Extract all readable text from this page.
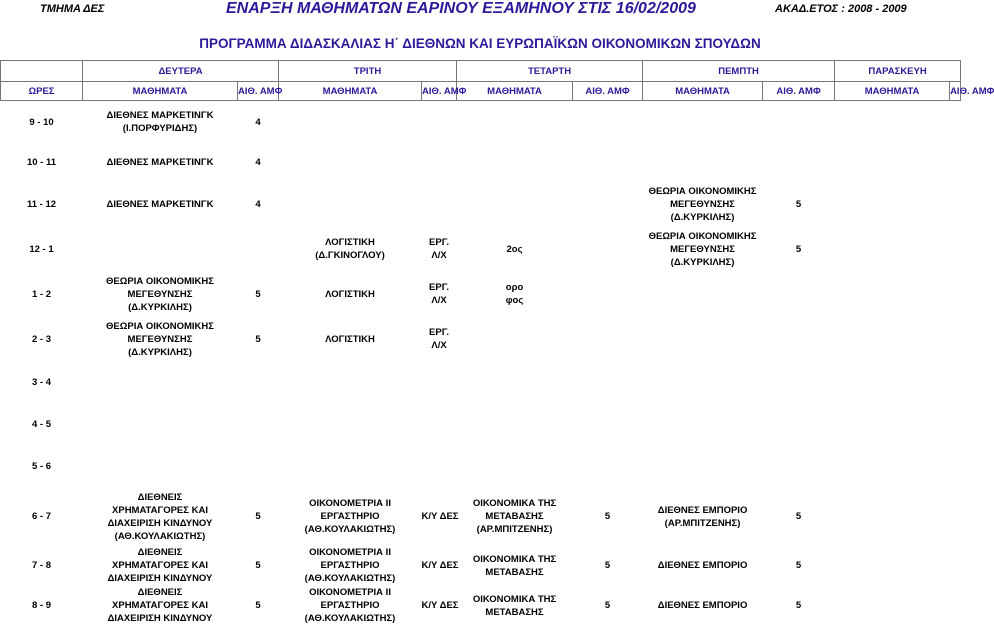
ΤΜΗΜΑ ΔΕΣ	ΕΝΑΡΞΗ ΜΑΘΗΜΑΤΩΝ ΕΑΡΙΝΟΥ ΕΞΑΜΗΝΟΥ ΣΤΙΣ 16/02/2009	ΑΚΑΔ.ΕΤΟΣ : 2008 - 2009
ΠΡΟΓΡΑΜΜΑ ΔΙΔΑΣΚΑΛΙΑΣ Η΄ ΔΙΕΘΝΩΝ ΚΑΙ ΕΥΡΩΠΑΪΚΩΝ ΟΙΚΟΝΟΜΙΚΩΝ ΣΠΟΥΔΩΝ
	ΔΕΥΤΕΡΑ		ΤΡΙΤΗ		ΤΕΤΑΡΤΗ		ΠΕΜΠΤΗ		ΠΑΡΑΣΚΕΥΗ	
ΩΡΕΣ	ΜΑΘΗΜΑΤΑ	ΑΙΘ. ΑΜΦ	ΜΑΘΗΜΑΤΑ	ΑΙΘ. ΑΜΦ	ΜΑΘΗΜΑΤΑ	ΑΙΘ. ΑΜΦ	ΜΑΘΗΜΑΤΑ	ΑΙΘ. ΑΜΦ	ΜΑΘΗΜΑΤΑ	ΑΙΘ. ΑΜΦ
9 - 10	ΔΙΕΘΝΕΣ ΜΑΡΚΕΤΙΝΓΚ
(Ι.ΠΟΡΦΥΡΙΔΗΣ)	4								
10 - 11	ΔΙΕΘΝΕΣ ΜΑΡΚΕΤΙΝΓΚ	4								
11 - 12	ΔΙΕΘΝΕΣ ΜΑΡΚΕΤΙΝΓΚ	4					ΘΕΩΡΙΑ ΟΙΚΟΝΟΜΙΚΗΣ
ΜΕΓΕΘΥΝΣΗΣ
(Δ.ΚΥΡΚΙΛΗΣ)	5		
12 - 1			ΛΟΓΙΣΤΙΚΗ
(Δ.ΓΚΙΝΟΓΛΟΥ)	ΕΡΓ.
Λ/Χ	2ος		ΘΕΩΡΙΑ ΟΙΚΟΝΟΜΙΚΗΣ
ΜΕΓΕΘΥΝΣΗΣ
(Δ.ΚΥΡΚΙΛΗΣ)	5		
1 - 2	ΘΕΩΡΙΑ ΟΙΚΟΝΟΜΙΚΗΣ
ΜΕΓΕΘΥΝΣΗΣ
(Δ.ΚΥΡΚΙΛΗΣ)	5	ΛΟΓΙΣΤΙΚΗ	ΕΡΓ.
Λ/Χ	ορο
φος					

2 - 3	ΘΕΩΡΙΑ ΟΙΚΟΝΟΜΙΚΗΣ
ΜΕΓΕΘΥΝΣΗΣ
(Δ.ΚΥΡΚΙΛΗΣ)	5	ΛΟΓΙΣΤΙΚΗ	ΕΡΓ.
Λ/Χ						

3 - 4										
4 - 5										
5 - 6										
6 - 7	ΔΙΕΘΝΕΙΣ
ΧΡΗΜΑΤΑΓΟΡΕΣ ΚΑΙ
ΔΙΑΧΕΙΡΙΣΗ ΚΙΝΔΥΝΟΥ
(ΑΘ.ΚΟΥΛΑΚΙΩΤΗΣ)	5	ΟΙΚΟΝΟΜΕΤΡΙΑ ΙΙ
ΕΡΓΑΣΤΗΡΙΟ
(ΑΘ.ΚΟΥΛΑΚΙΩΤΗΣ)	Κ/Υ ΔΕΣ	ΟΙΚΟΝΟΜΙΚΑ ΤΗΣ
ΜΕΤΑΒΑΣΗΣ
(ΑΡ.ΜΠΙΤΖΕΝΗΣ)	5	ΔΙΕΘΝΕΣ ΕΜΠΟΡΙΟ
(ΑΡ.ΜΠΙΤΖΕΝΗΣ)	5		
7 - 8	ΔΙΕΘΝΕΙΣ
ΧΡΗΜΑΤΑΓΟΡΕΣ ΚΑΙ
ΔΙΑΧΕΙΡΙΣΗ ΚΙΝΔΥΝΟΥ	5	ΟΙΚΟΝΟΜΕΤΡΙΑ ΙΙ
ΕΡΓΑΣΤΗΡΙΟ
(ΑΘ.ΚΟΥΛΑΚΙΩΤΗΣ)	Κ/Υ ΔΕΣ	ΟΙΚΟΝΟΜΙΚΑ ΤΗΣ
ΜΕΤΑΒΑΣΗΣ	5	ΔΙΕΘΝΕΣ ΕΜΠΟΡΙΟ	5		
8 - 9	ΔΙΕΘΝΕΙΣ
ΧΡΗΜΑΤΑΓΟΡΕΣ ΚΑΙ
ΔΙΑΧΕΙΡΙΣΗ ΚΙΝΔΥΝΟΥ	5	ΟΙΚΟΝΟΜΕΤΡΙΑ ΙΙ
ΕΡΓΑΣΤΗΡΙΟ
(ΑΘ.ΚΟΥΛΑΚΙΩΤΗΣ)	Κ/Υ ΔΕΣ	ΟΙΚΟΝΟΜΙΚΑ ΤΗΣ
ΜΕΤΑΒΑΣΗΣ	5	ΔΙΕΘΝΕΣ ΕΜΠΟΡΙΟ	5		
